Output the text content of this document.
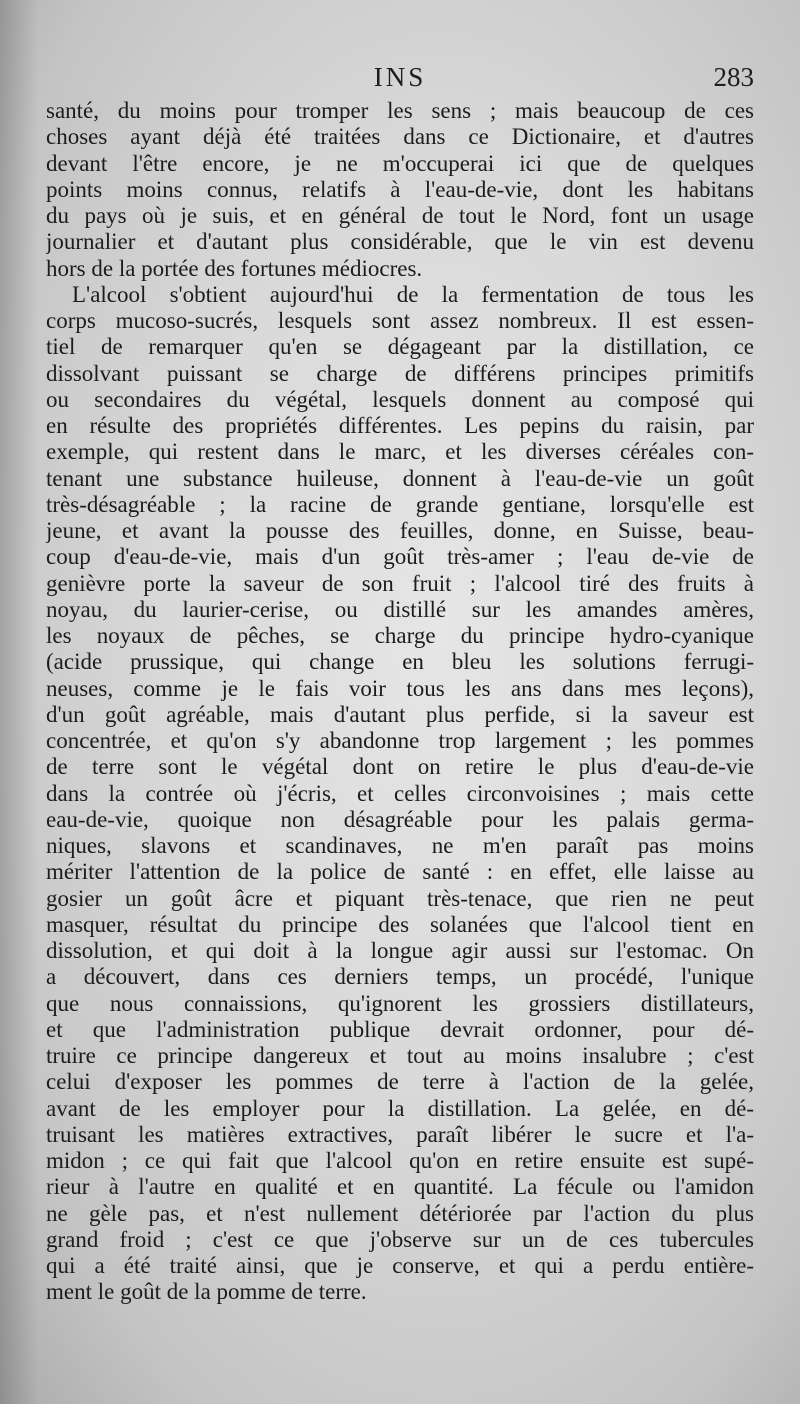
INS	283
santé, du moins pour tromper les sens ; mais beaucoup de ces
choses ayant déjà été traitées dans ce Dictionaire, et d'autres
devant l'être encore, je ne m'occuperai ici que de quelques
points moins connus, relatifs à l'eau-de-vie, dont les habitans
du pays où je suis, et en général de tout le Nord, font un usage
journalier et d'autant plus considérable, que le vin est devenu
hors de la portée des fortunes médiocres.
L'alcool s'obtient aujourd'hui de la fermentation de tous les
corps mucoso-sucrés, lesquels sont assez nombreux. Il est essen-
tiel de remarquer qu'en se dégageant par la distillation, ce
dissolvant puissant se charge de différens principes primitifs
ou secondaires du végétal, lesquels donnent au composé qui
en résulte des propriétés différentes. Les pepins du raisin, par
exemple, qui restent dans le marc, et les diverses céréales con-
tenant une substance huileuse, donnent à l'eau-de-vie un goût
très-désagréable ; la racine de grande gentiane, lorsqu'elle est
jeune, et avant la pousse des feuilles, donne, en Suisse, beau-
coup d'eau-de-vie, mais d'un goût très-amer ; l'eau de-vie de
genièvre porte la saveur de son fruit ; l'alcool tiré des fruits à
noyau, du laurier-cerise, ou distillé sur les amandes amères,
les noyaux de pêches, se charge du principe hydro-cyanique
(acide prussique, qui change en bleu les solutions ferrugi-
neuses, comme je le fais voir tous les ans dans mes leçons),
d'un goût agréable, mais d'autant plus perfide, si la saveur est
concentrée, et qu'on s'y abandonne trop largement ; les pommes
de terre sont le végétal dont on retire le plus d'eau-de-vie
dans la contrée où j'écris, et celles circonvoisines ; mais cette
eau-de-vie, quoique non désagréable pour les palais germa-
niques, slavons et scandinaves, ne m'en paraît pas moins
mériter l'attention de la police de santé : en effet, elle laisse au
gosier un goût âcre et piquant très-tenace, que rien ne peut
masquer, résultat du principe des solanées que l'alcool tient en
dissolution, et qui doit à la longue agir aussi sur l'estomac. On
a découvert, dans ces derniers temps, un procédé, l'unique
que nous connaissions, qu'ignorent les grossiers distillateurs,
et que l'administration publique devrait ordonner, pour dé-
truire ce principe dangereux et tout au moins insalubre ; c'est
celui d'exposer les pommes de terre à l'action de la gelée,
avant de les employer pour la distillation. La gelée, en dé-
truisant les matières extractives, paraît libérer le sucre et l'a-
midon ; ce qui fait que l'alcool qu'on en retire ensuite est supé-
rieur à l'autre en qualité et en quantité. La fécule ou l'amidon
ne gèle pas, et n'est nullement détériorée par l'action du plus
grand froid ; c'est ce que j'observe sur un de ces tubercules
qui a été traité ainsi, que je conserve, et qui a perdu entière-
ment le goût de la pomme de terre.
